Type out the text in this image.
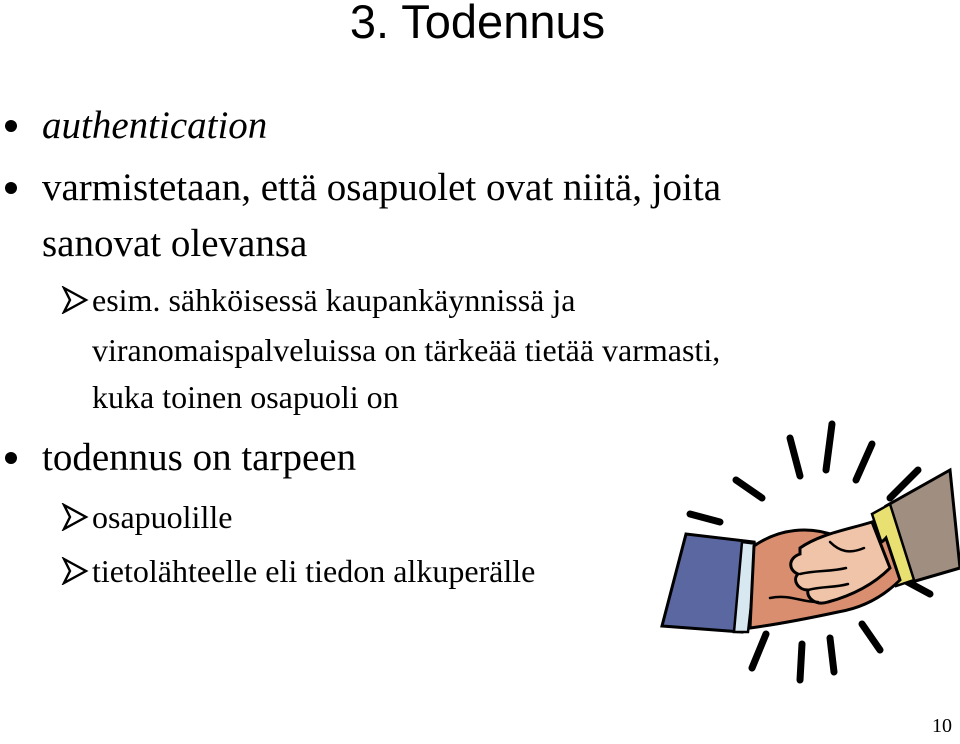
3. Todennus
authentication
varmistetaan, että osapuolet ovat niitä, joita
sanovat olevansa
esim. sähköisessä kaupankäynnissä ja
viranomaispalveluissa on tärkeää tietää varmasti,
kuka toinen osapuoli on
todennus on tarpeen
osapuolille
tietolähteelle eli tiedon alkuperälle
10
